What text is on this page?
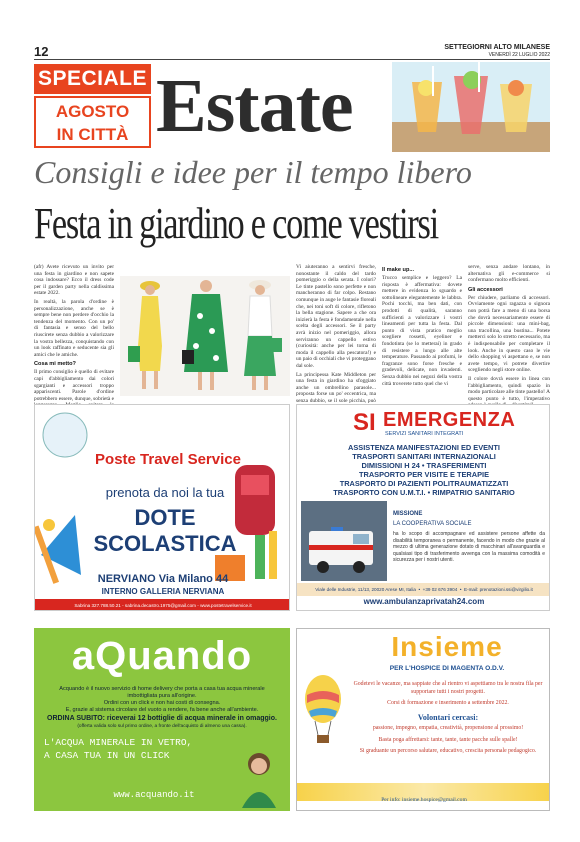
12	SETTEGIORNI ALTO MILANESE
VENERDÌ 22 LUGLIO 2022
SPECIALE
AGOSTO
IN CITTÀ Estate
Consigli e idee per il tempo libero
Festa in giardino e come vestirsi

(afr) Avete ricevuto un invito per una festa in giardino e non sapete cosa indossare? Ecco il dress code per il garden party nella caldissima estate 2022.

In realtà, la parola d'ordine è personalizzazione, anche se è sempre bene non perdere d'occhio la tendenza del momento. Con un po' di fantasia e senso del bello riuscirete senza dubbio a valorizzare la vostra bellezza, conquistando con un look raffinato e seducente sia gli amici che le amiche.

Cosa mi metto?

Il primo consiglio è quello di evitare capi d'abbigliamento dai colori sgargianti e accessori troppo appariscenti. Parole d'ordine potrebbero essere, dunque, sobrietà e

Vi aiuteranno a sentirvi fresche, nonostante il caldo del tardo pomeriggio o della serata. I colori? Le tinte pastello sono perfette e non mancheranno di far colpo. Restano comunque in auge le fantasie floreali che, nei toni soft di colore, rifletono la bella stagione. Sapere a che ora inizierà la festa è fondamentale nella scelta degli accessori. Se il party avrà inizio nel pomeriggio, allora serviranno un cappello estivo (curiosità: anche per lei torna di moda il cappello alla pescatora!) e un paio di occhiali che vi proteggano dal sole.

La principessa Kate Middleton per una festa in giardino ha sfoggiato anche un ombrellino parasole... proposta forse un po' eccentrica, ma senza dubbio, se il sole picchia, può

Il make up...

Trucco semplice e leggero? La risposta è affermativa: dovete mettere in evidenza lo sguardo e sottolineare elegantemente le labbra. Pochi tocchi, ma ben dati, con prodotti di qualità, saranno sufficienti a valorizzare i vostri lineamenti per tutta la festa. Dal punto di vista pratico meglio scegliere rossetti, eyeliner e fondotinta (se lo metterai) in grado di resistere a lungo alle alte temperature. Passando ai profumi, le fragranze sono forse fresche e gradevoli, delicate, non invadenti. Senza dubbio nei negozi della vostra città troverete tutto quel che vi

serve, senza andare lontano, in alternativa gli e-commerce si confermano molto efficienti.

Gli accessori

Per chiudere, parliamo di accessori. Ovviamente ogni ragazza o signora non potrà fare a meno di una borsa che dovrà necessariamente essere di piccole dimensioni: una mini-bag, una tracollina, una bustina... Potete metterci solo lo stretto necessario, ma è indispensabile per completare il look. Anche in questo caso le vie dello shopping vi aspettano e, se non avete tempo, vi potrete divertire scegliendo negli store online.

Il colore dovrà essere in linea con l'abbigliamento, quindi spazio in modo particolare alle tinte pastello! A questo punto è tutto, l'imperativo

Poste Travel Service
prenota da noi la tua
DOTE
SCOLASTICA
NERVIANO Via Milano 44
INTERNO GALLERIA NERVIANA
Sabrina 327.788.50.21 - sabrina.decastro.1975@gmail.com - www.postetravelservice.it
SI EMERGENZA
SERVIZI SANITARI INTEGRATI
ASSISTENZA MANIFESTAZIONI ED EVENTI
TRASPORTI SANITARI INTERNAZIONALI
DIMISSIONI H 24 • TRASFERIMENTI
TRASPORTO PER VISITE E TERAPIE
TRASPORTO DI PAZIENTI POLITRAUMATIZZATI
TRASPORTO CON U.M.T.I. • RIMPATRIO SANITARIO
MISSIONE
LA COOPERATIVA SOCIALE
ha lo scopo di accompagnare ed assistere persone affette da disabilità temporanea o permanente, facendo in modo che grazie al mezzo di ultima generazione dotato di macchinari all'avanguardia e qualsiasi tipo di trasferimento avvenga con la massima comodità e sicurezza per i nostri utenti.
Viale delle Industrie, 11/13, 20020 Arese MI, Italia  •  +39 02 676 3904  •  E-mail: prenotazioni.ssi@virgilio.it
www.ambulanzaprivatah24.com
aQuando
Acquando è il nuovo servizio di home delivery che porta a casa tua acqua minerale imbottigliata pura all'origine.
Ordini con un click e non hai costi di consegna.
E, grazie al sistema circolare del vuoto a rendere, fa bene anche all'ambiente.
ORDINA SUBITO: riceverai 12 bottiglie di acqua minerale in omaggio.
(offerta valida solo sul primo ordine, a fronte dell'acquisto di almeno una cassa).
L'ACQUA MINERALE IN VETRO,
A CASA TUA IN UN CLICK
www.acquando.it
Insieme
PER L'HOSPICE DI MAGENTA O.D.V.
Godetevi le vacanze, ma sappiate che al rientro vi aspettiamo tra le nostra fila per supportare tutti i nostri progetti.
Corsi di formazione e inserimento a settembre 2022.
Volontari cercasi:
passione, impegno, empatia, creatività, propensione al prossimo!
Basta poga affrettarsi: tante, tante, tante pacche sulle spalle!
Si graduante un percorso salutare, educativo, crescita personale pedagogico.
Per info: insieme.hospice@gmail.com
